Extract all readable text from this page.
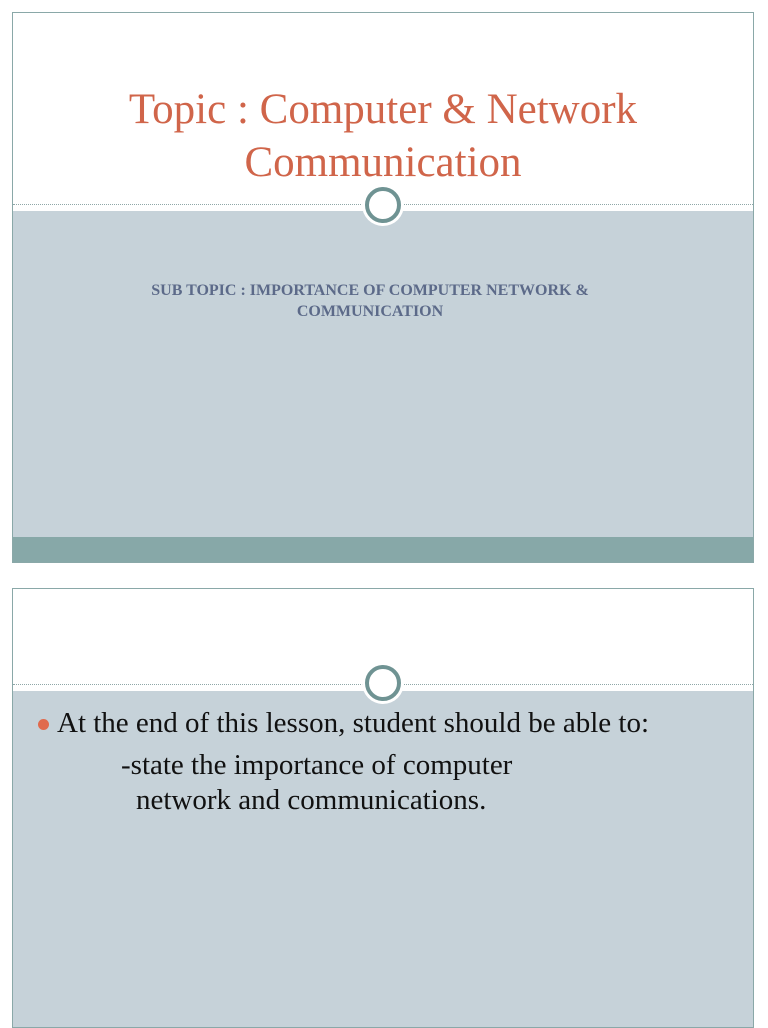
Topic : Computer & Network
Communication

SUB TOPIC : IMPORTANCE OF COMPUTER NETWORK &
COMMUNICATION

At the end of this lesson, student should be able to:

-state the importance of computer

network and communications.
